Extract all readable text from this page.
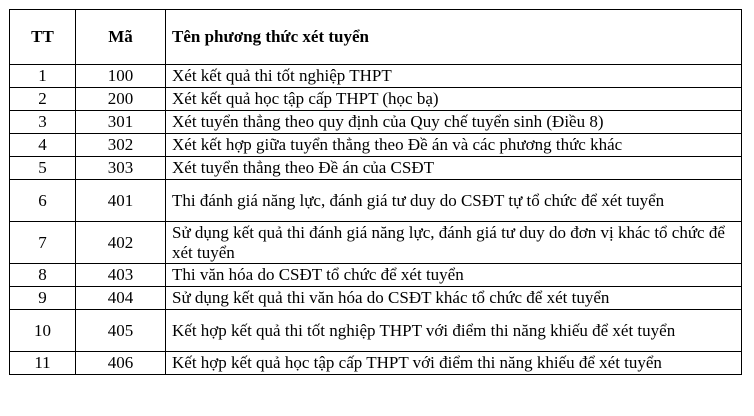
TT	Mã	Tên phương thức xét tuyển
1	100	Xét kết quả thi tốt nghiệp THPT
2	200	Xét kết quả học tập cấp THPT (học bạ)
3	301	Xét tuyển thẳng theo quy định của Quy chế tuyển sinh (Điều 8)
4	302	Xét kết hợp giữa tuyển thẳng theo Đề án và các phương thức khác
5	303	Xét tuyển thẳng theo Đề án của CSĐT
6	401	Thi đánh giá năng lực, đánh giá tư duy do CSĐT tự tổ chức để xét tuyển
7	402	Sử dụng kết quả thi đánh giá năng lực, đánh giá tư duy do đơn vị khác tổ chức để xét tuyển
8	403	Thi văn hóa do CSĐT tổ chức để xét tuyển
9	404	Sử dụng kết quả thi văn hóa do CSĐT khác tổ chức để xét tuyển
10	405	Kết hợp kết quả thi tốt nghiệp THPT với điểm thi năng khiếu để xét tuyển
11	406	Kết hợp kết quả học tập cấp THPT với điểm thi năng khiếu để xét tuyển
